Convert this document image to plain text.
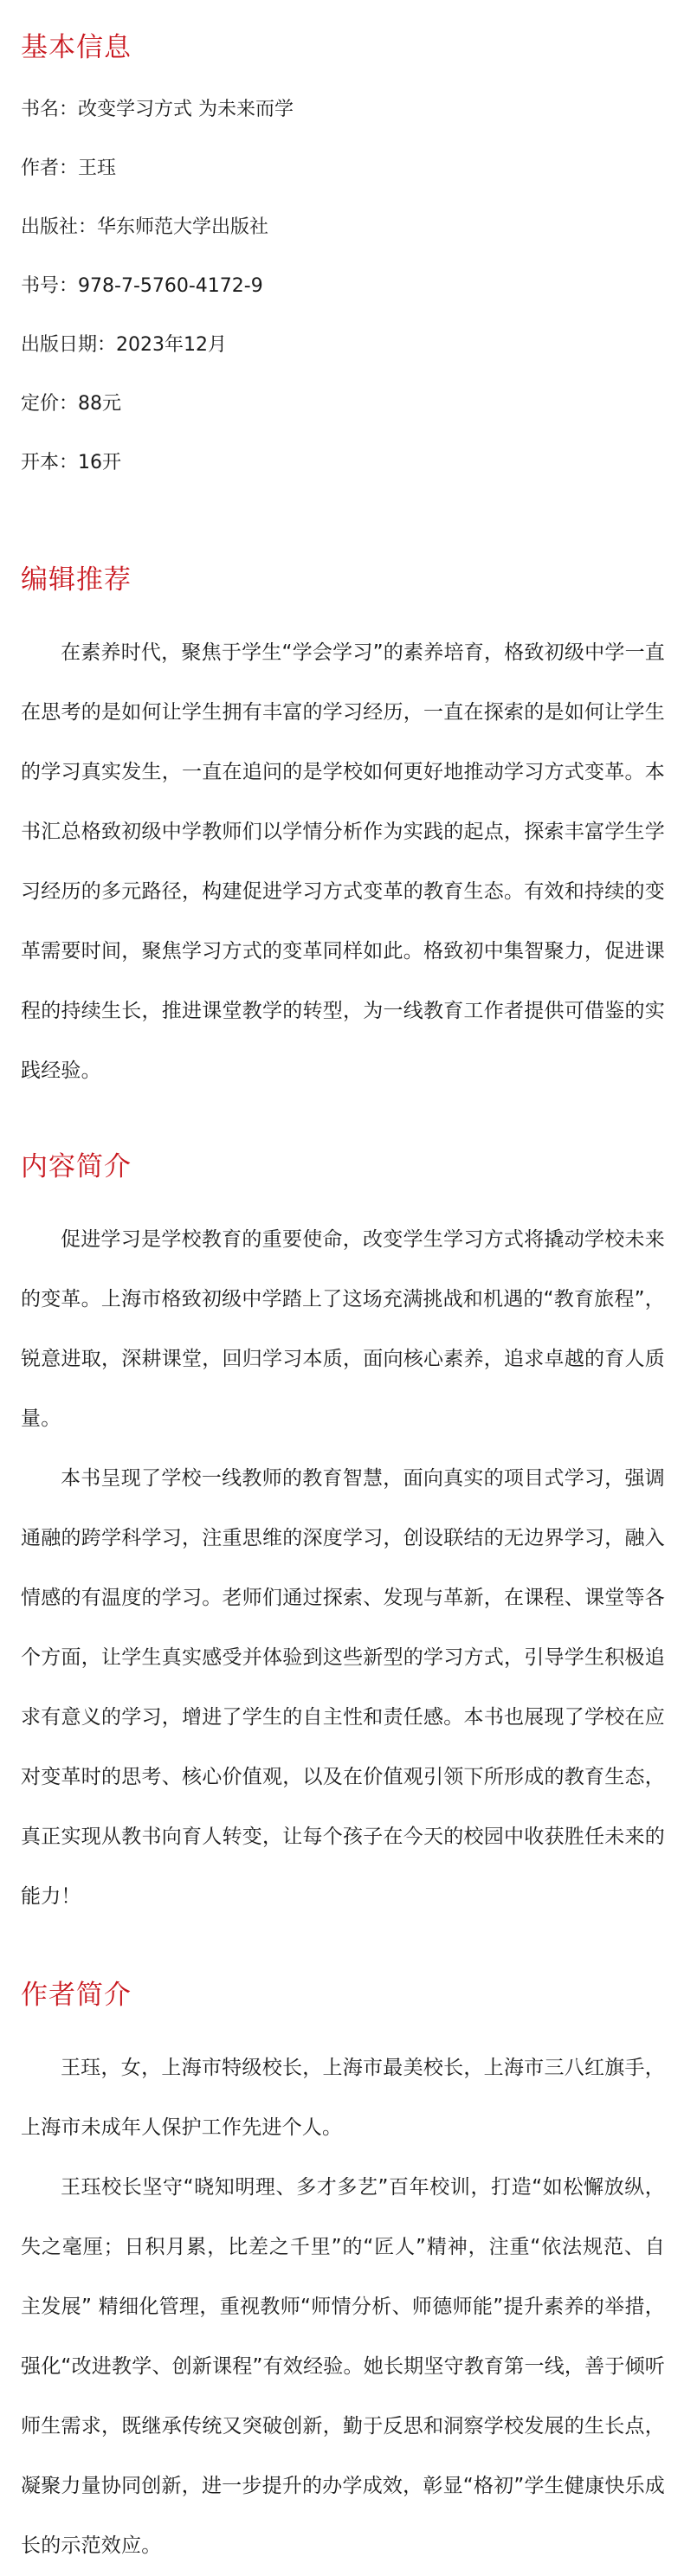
基本信息
书名：改变学习方式 为未来而学
作者：王珏
出版社：华东师范大学出版社
书号：978-7-5760-4172-9
出版日期：2023年12月
定价：88元
开本：16开
编辑推荐

在素养时代，聚焦于学生“学会学习”的素养培育，格致初级中学一直在思考的是如何让学生拥有丰富的学习经历，一直在探索的是如何让学生的学习真实发生，一直在追问的是学校如何更好地推动学习方式变革。本书汇总格致初级中学教师们以学情分析作为实践的起点，探索丰富学生学习经历的多元路径，构建促进学习方式变革的教育生态。有效和持续的变革需要时间，聚焦学习方式的变革同样如此。格致初中集智聚力，促进课程的持续生长，推进课堂教学的转型，为一线教育工作者提供可借鉴的实践经验。

内容简介

促进学习是学校教育的重要使命，改变学生学习方式将撬动学校未来的变革。上海市格致初级中学踏上了这场充满挑战和机遇的“教育旅程”，锐意进取，深耕课堂，回归学习本质，面向核心素养，追求卓越的育人质量。

本书呈现了学校一线教师的教育智慧，面向真实的项目式学习，强调通融的跨学科学习，注重思维的深度学习，创设联结的无边界学习，融入情感的有温度的学习。老师们通过探索、发现与革新，在课程、课堂等各个方面，让学生真实感受并体验到这些新型的学习方式，引导学生积极追求有意义的学习，增进了学生的自主性和责任感。本书也展现了学校在应对变革时的思考、核心价值观，以及在价值观引领下所形成的教育生态，真正实现从教书向育人转变，让每个孩子在今天的校园中收获胜任未来的能力！

作者简介

王珏，女，上海市特级校长，上海市最美校长，上海市三八红旗手，上海市未成年人保护工作先进个人。

王珏校长坚守“晓知明理、多才多艺”百年校训，打造“如松懈放纵，失之毫厘；日积月累，比差之千里”的“匠人”精神，注重“依法规范、自主发展” 精细化管理，重视教师“师情分析、师德师能”提升素养的举措，强化“改进教学、创新课程”有效经验。她长期坚守教育第一线，善于倾听师生需求，既继承传统又突破创新，勤于反思和洞察学校发展的生长点，凝聚力量协同创新，进一步提升的办学成效，彰显“格初”学生健康快乐成长的示范效应。
